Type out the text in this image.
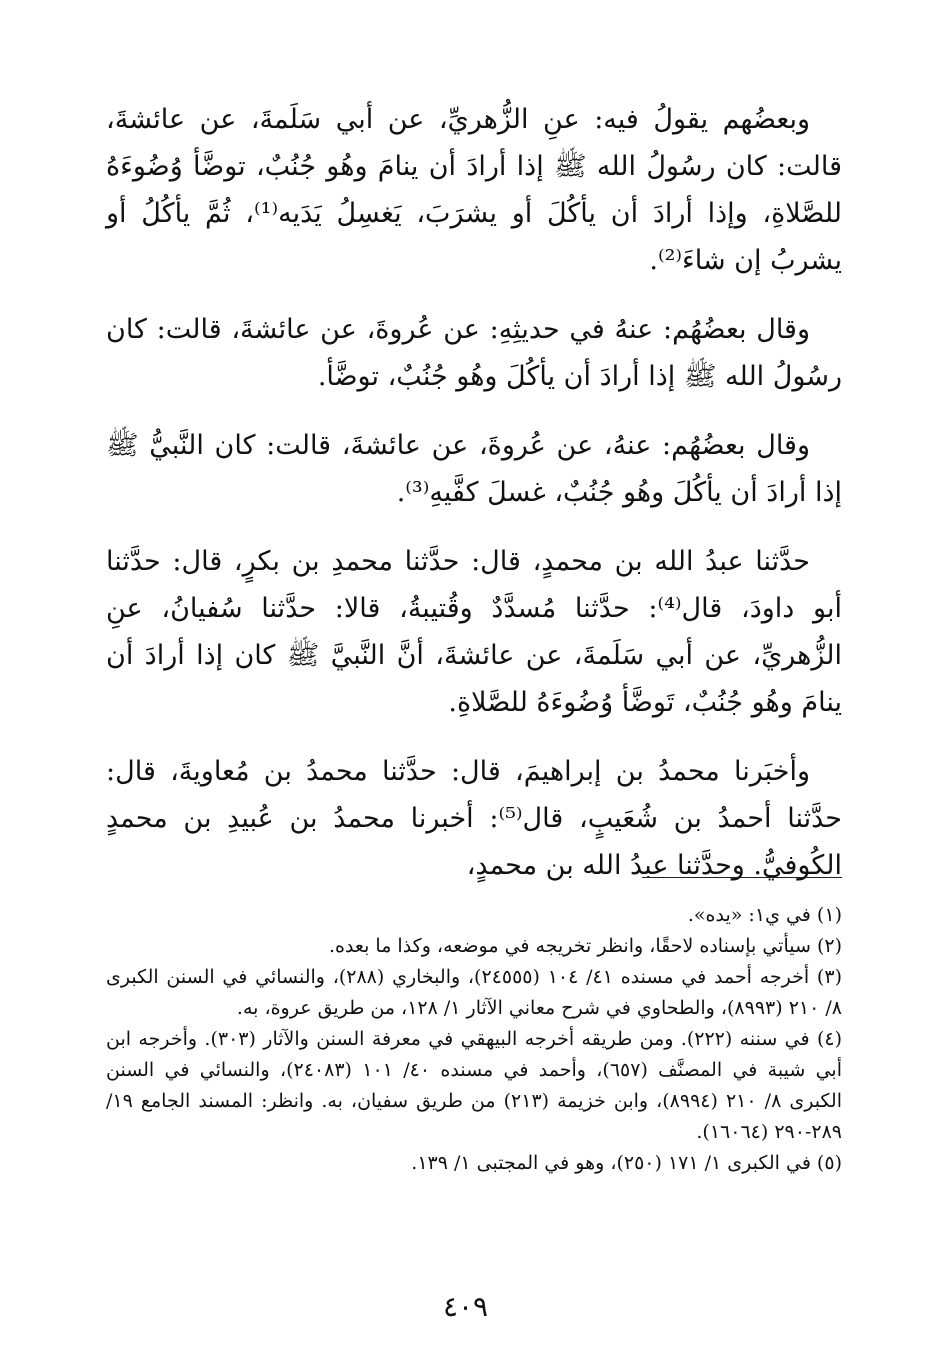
وبعضُهم يقولُ فيه: عنِ الزُّهريِّ، عن أبي سَلَمةَ، عن عائشةَ، قالت: كان رسُولُ الله ﷺ إذا أرادَ أن ينامَ وهُو جُنُبٌ، توضَّأ وُضُوءَهُ للصَّلاةِ، وإذا أرادَ أن يأكُلَ أو يشرَبَ، يَغسِلُ يَدَيه⁽¹⁾، ثُمَّ يأكُلُ أو يشربُ إن شاءَ⁽²⁾.

وقال بعضُهُم: عنهُ في حديثِهِ: عن عُروةَ، عن عائشةَ، قالت: كان رسُولُ الله ﷺ إذا أرادَ أن يأكُلَ وهُو جُنُبٌ، توضَّأ.

وقال بعضُهُم: عنهُ، عن عُروةَ، عن عائشةَ، قالت: كان النَّبيُّ ﷺ إذا أرادَ أن يأكُلَ وهُو جُنُبٌ، غسلَ كفَّيهِ⁽³⁾.

حدَّثنا عبدُ الله بن محمدٍ، قال: حدَّثنا محمدِ بن بكرٍ، قال: حدَّثنا أبو داودَ، قال⁽⁴⁾: حدَّثنا مُسدَّدٌ وقُتيبةُ، قالا: حدَّثنا سُفيانُ، عنِ الزُّهريِّ، عن أبي سَلَمةَ، عن عائشةَ، أنَّ النَّبيَّ ﷺ كان إذا أرادَ أن ينامَ وهُو جُنُبٌ، تَوضَّأ وُضُوءَهُ للصَّلاةِ.

وأخبَرنا محمدُ بن إبراهيمَ، قال: حدَّثنا محمدُ بن مُعاويةَ، قال: حدَّثنا أحمدُ بن شُعَيبٍ، قال⁽⁵⁾: أخبرنا محمدُ بن عُبيدِ بن محمدٍ الكُوفيُّ. وحدَّثنا عبدُ الله بن محمدٍ،

(١) في ي١: «يده».

(٢) سيأتي بإسناده لاحقًا، وانظر تخريجه في موضعه، وكذا ما بعده.

(٣) أخرجه أحمد في مسنده ٤١/ ١٠٤ (٢٤٥٥٥)، والبخاري (٢٨٨)، والنسائي في السنن الكبرى ٨/ ٢١٠ (٨٩٩٣)، والطحاوي في شرح معاني الآثار ١/ ١٢٨، من طريق عروة، به.

(٤) في سننه (٢٢٢). ومن طريقه أخرجه البيهقي في معرفة السنن والآثار (٣٠٣). وأخرجه ابن أبي شيبة في المصنَّف (٦٥٧)، وأحمد في مسنده ٤٠/ ١٠١ (٢٤٠٨٣)، والنسائي في السنن الكبرى ٨/ ٢١٠ (٨٩٩٤)، وابن خزيمة (٢١٣) من طريق سفيان، به. وانظر: المسند الجامع ١٩/ ٢٨٩-٢٩٠ (١٦٠٦٤).

(٥) في الكبرى ١/ ١٧١ (٢٥٠)، وهو في المجتبى ١/ ١٣٩.

٤٠٩
